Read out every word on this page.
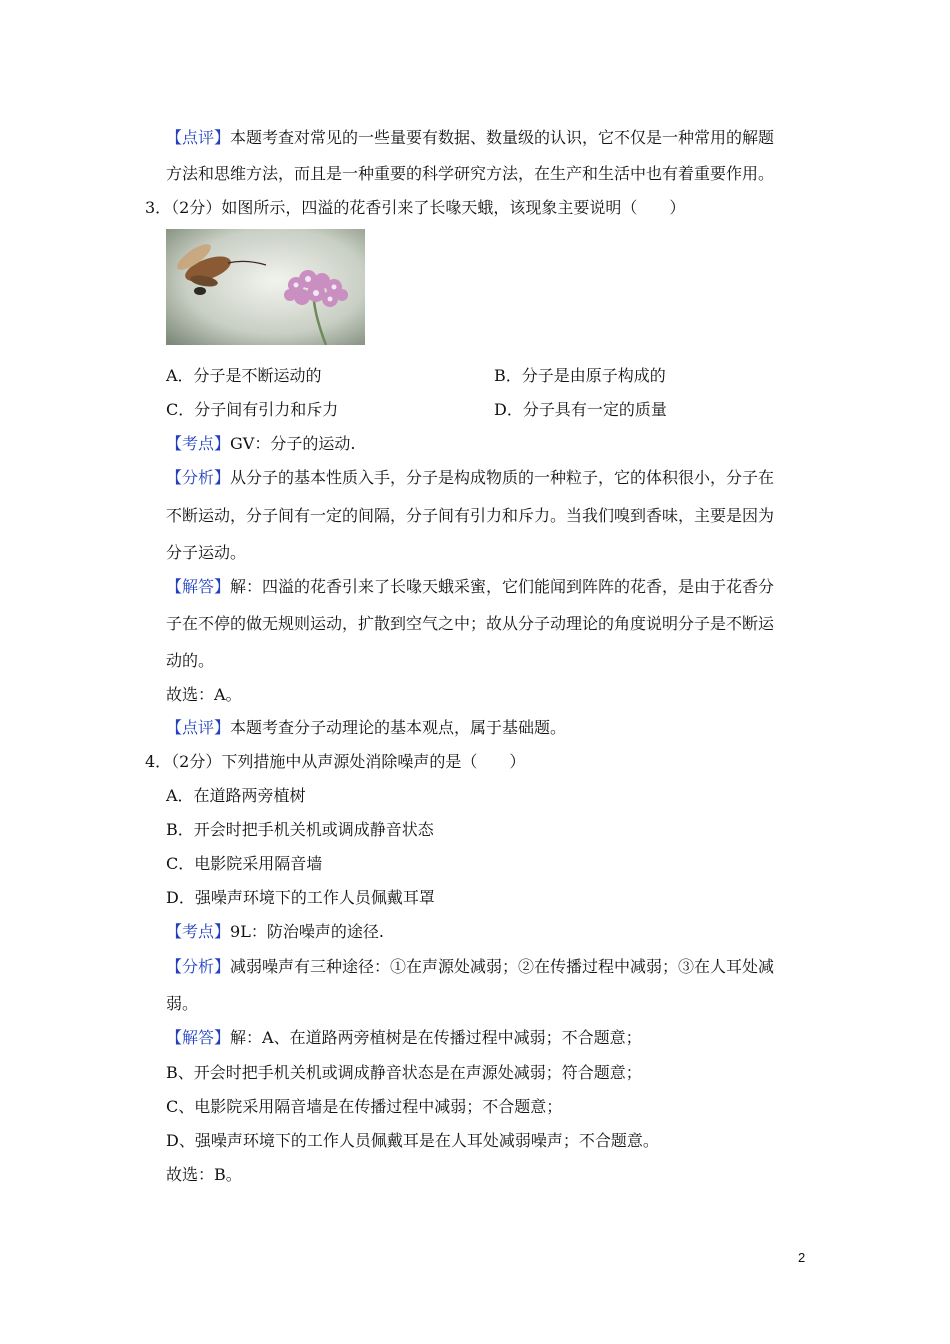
【点评】本题考查对常见的一些量要有数据、数量级的认识，它不仅是一种常用的解题
方法和思维方法，而且是一种重要的科学研究方法，在生产和生活中也有着重要作用。
3．（2分）如图所示，四溢的花香引来了长喙天蛾，该现象主要说明（　　）
A．分子是不断运动的	B．分子是由原子构成的
C．分子间有引力和斥力	D．分子具有一定的质量
【考点】GV：分子的运动.
【分析】从分子的基本性质入手，分子是构成物质的一种粒子，它的体积很小，分子在
不断运动，分子间有一定的间隔，分子间有引力和斥力。当我们嗅到香味，主要是因为
分子运动。
【解答】解：四溢的花香引来了长喙天蛾采蜜，它们能闻到阵阵的花香，是由于花香分
子在不停的做无规则运动，扩散到空气之中；故从分子动理论的角度说明分子是不断运
动的。
故选：A。
【点评】本题考查分子动理论的基本观点，属于基础题。
4．（2分）下列措施中从声源处消除噪声的是（　　）
A．在道路两旁植树
B．开会时把手机关机或调成静音状态
C．电影院采用隔音墙
D．强噪声环境下的工作人员佩戴耳罩
【考点】9L：防治噪声的途径.
【分析】减弱噪声有三种途径：①在声源处减弱；②在传播过程中减弱；③在人耳处减
弱。
【解答】解：A、在道路两旁植树是在传播过程中减弱；不合题意；
B、开会时把手机关机或调成静音状态是在声源处减弱；符合题意；
C、电影院采用隔音墙是在传播过程中减弱；不合题意；
D、强噪声环境下的工作人员佩戴耳是在人耳处减弱噪声；不合题意。
故选：B。
2
